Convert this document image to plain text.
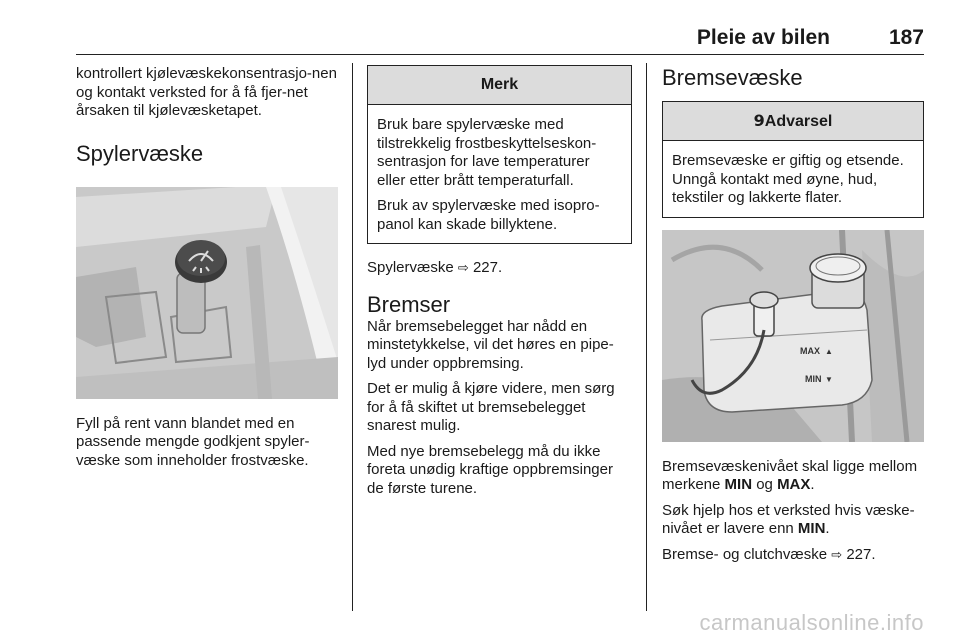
Pleie av bilen	187

kontrollert kjølevæskekonsentrasjo-nen og kontakt verksted for å få fjer-net årsaken til kjølevæsketapet.

Spylervæske

Fyll på rent vann blandet med en passende mengde godkjent spyler-væske som inneholder frostvæske.

Merk

Bruk bare spylervæske med tilstrekkelig frostbeskyttelseskon-sentrasjon for lave temperaturer eller etter brått temperaturfall.

Bruk av spylervæske med isopro-panol kan skade billyktene.

Spylervæske ⇨ 227.

Bremser

Når bremsebelegget har nådd en minstetykkelse, vil det høres en pipe-lyd under oppbremsing.

Det er mulig å kjøre videre, men sørg for å få skiftet ut bremsebelegget snarest mulig.

Med nye bremsebelegg må du ikke foreta unødig kraftige oppbremsinger de første turene.

Bremsevæske
9Advarsel

Bremsevæske er giftig og etsende. Unngå kontakt med øyne, hud, tekstiler og lakkerte flater.

MAX
MIN
▲
▼

Bremsevæskenivået skal ligge mellom merkene MIN og MAX.

Søk hjelp hos et verksted hvis væske-nivået er lavere enn MIN.

Bremse- og clutchvæske ⇨ 227.

carmanualsonline.info
